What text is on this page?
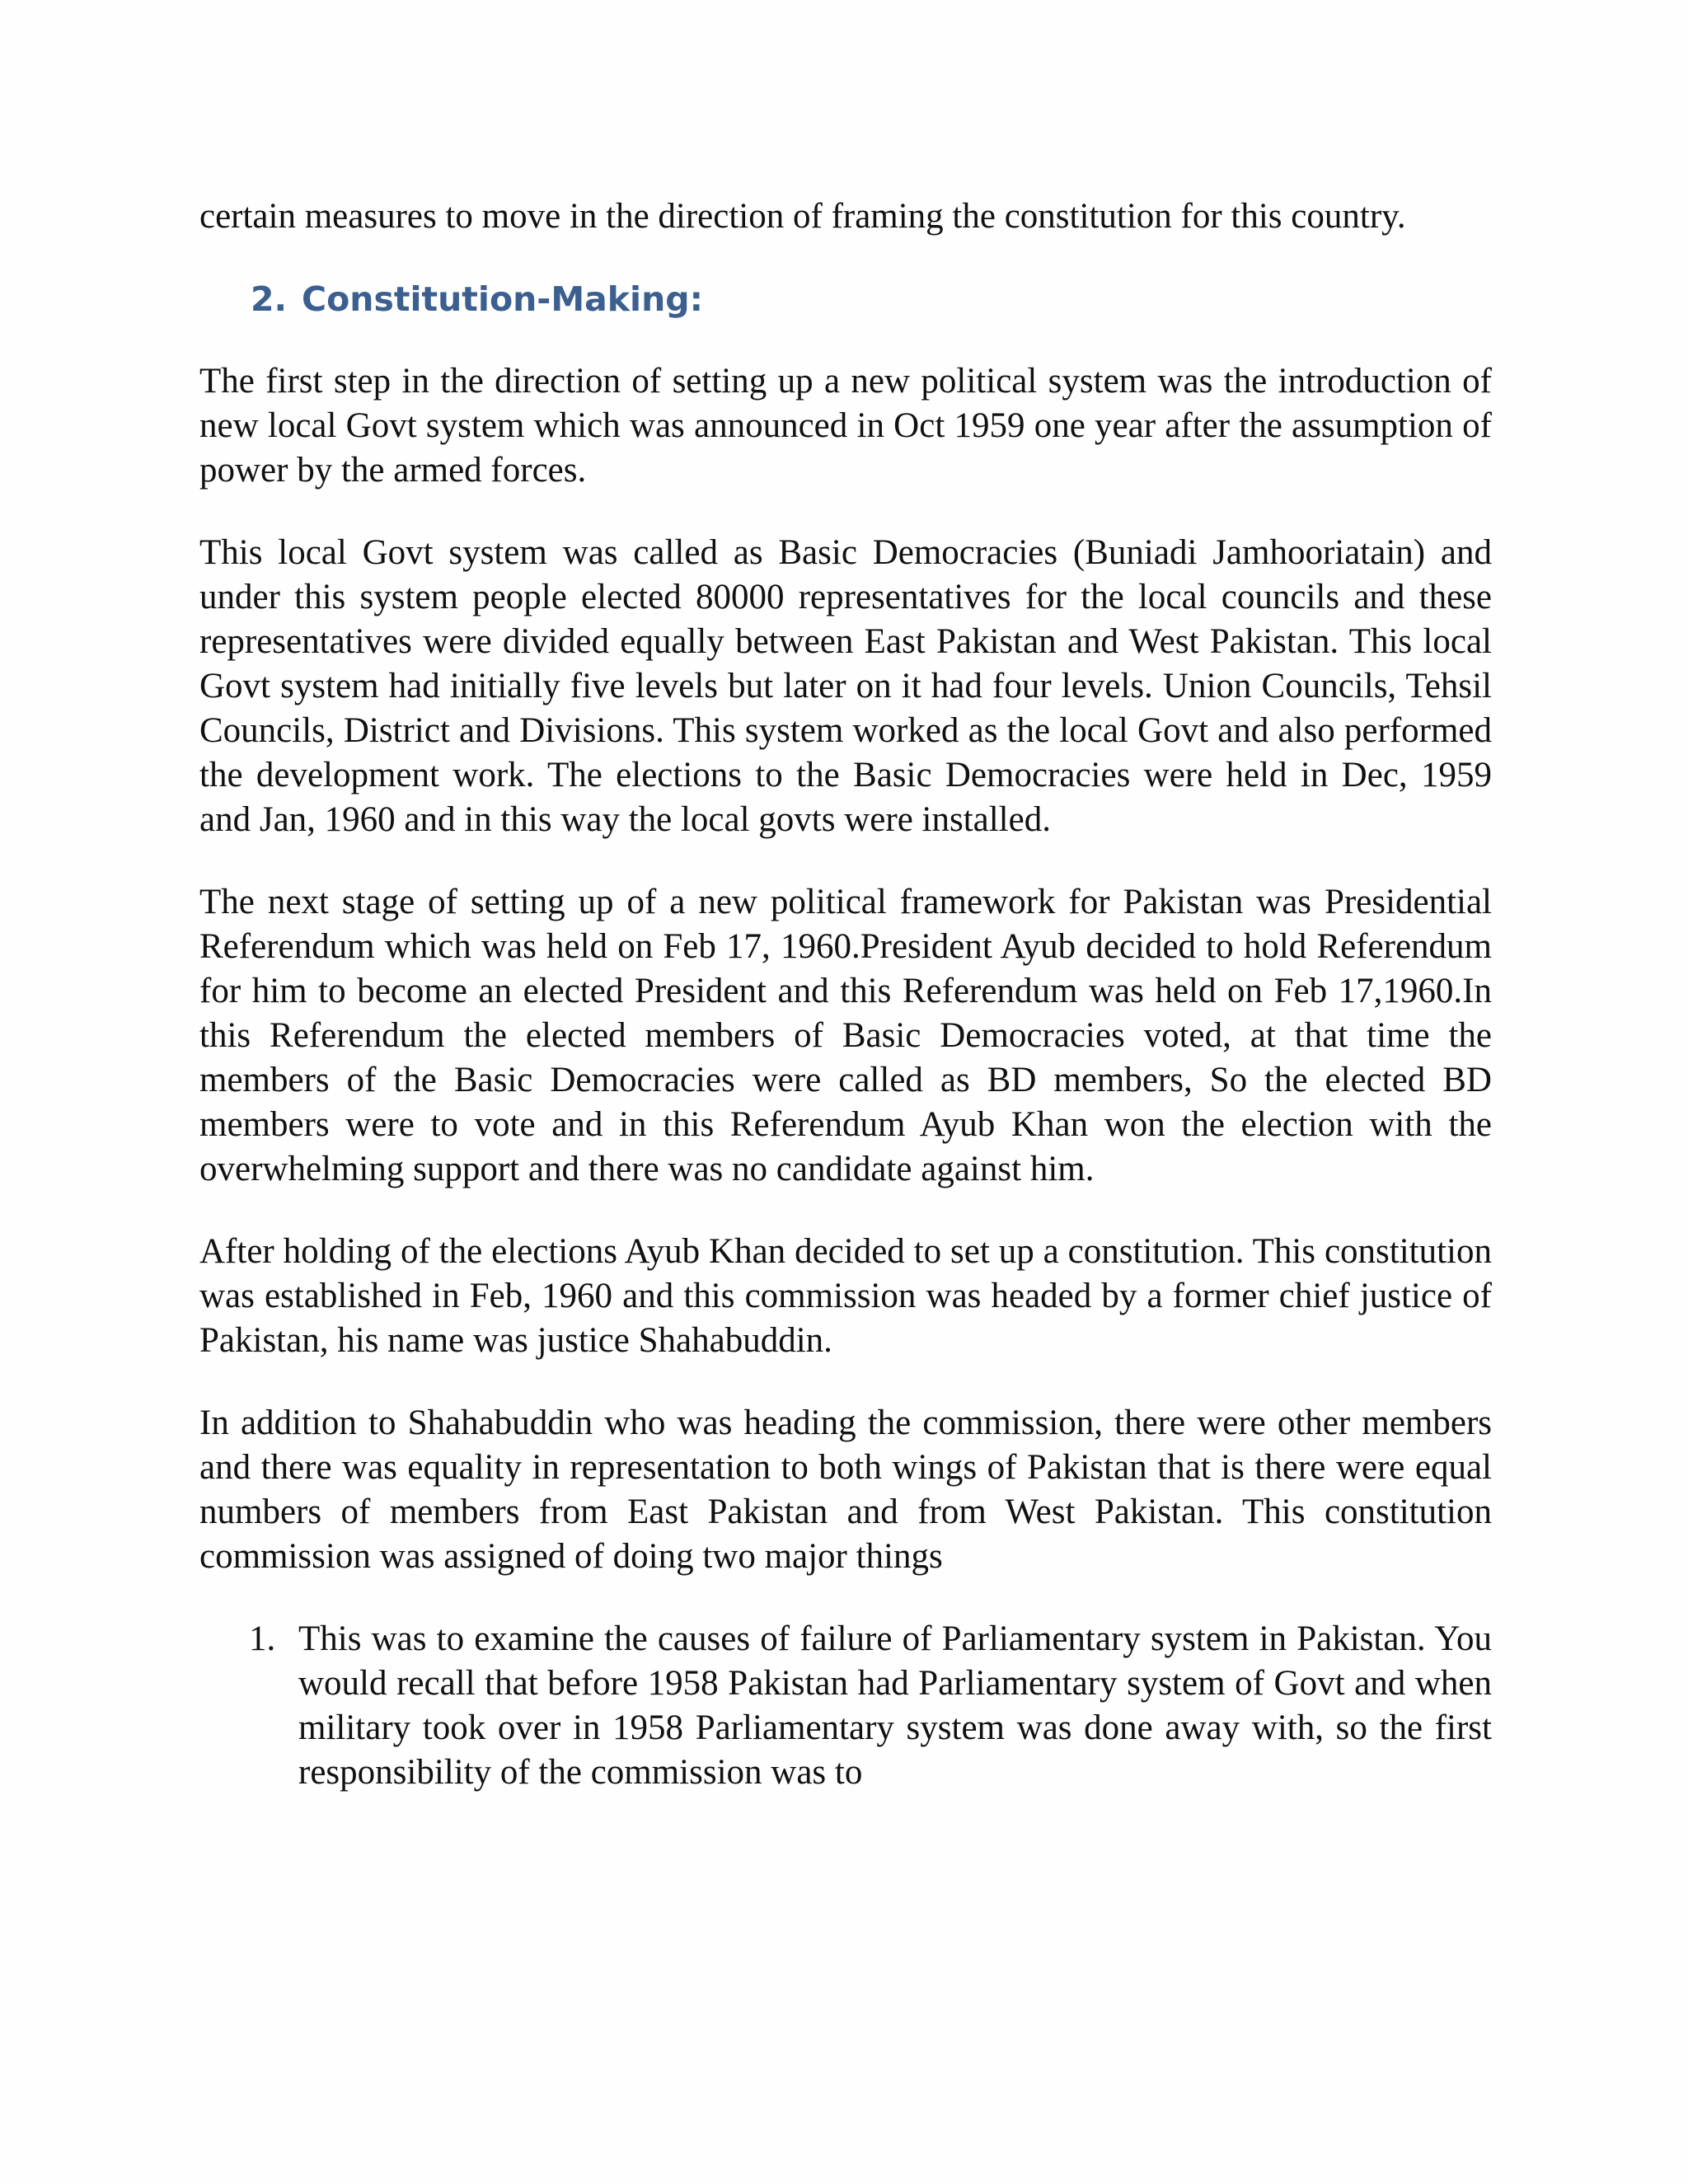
certain measures to move in the direction of framing the constitution for this country.

2. Constitution-Making:

The first step in the direction of setting up a new political system was the introduction of new local Govt system which was announced in Oct 1959 one year after the assumption of power by the armed forces.

This local Govt system was called as Basic Democracies (Buniadi Jamhooriatain) and under this system people elected 80000 representatives for the local councils and these representatives were divided equally between East Pakistan and West Pakistan. This local Govt system had initially five levels but later on it had four levels. Union Councils, Tehsil Councils, District and Divisions. This system worked as the local Govt and also performed the development work. The elections to the Basic Democracies were held in Dec, 1959 and Jan, 1960 and in this way the local govts were installed.

The next stage of setting up of a new political framework for Pakistan was Presidential Referendum which was held on Feb 17, 1960.President Ayub decided to hold Referendum for him to become an elected President and this Referendum was held on Feb 17,1960.In this Referendum the elected members of Basic Democracies voted, at that time the members of the Basic Democracies were called as BD members, So the elected BD members were to vote and in this Referendum Ayub Khan won the election with the overwhelming support and there was no candidate against him.

After holding of the elections Ayub Khan decided to set up a constitution. This constitution was established in Feb, 1960 and this commission was headed by a former chief justice of Pakistan, his name was justice Shahabuddin.

In addition to Shahabuddin who was heading the commission, there were other members and there was equality in representation to both wings of Pakistan that is there were equal numbers of members from East Pakistan and from West Pakistan. This constitution commission was assigned of doing two major things

1. This was to examine the causes of failure of Parliamentary system in Pakistan. You would recall that before 1958 Pakistan had Parliamentary system of Govt and when military took over in 1958 Parliamentary system was done away with, so the first responsibility of the commission was to
